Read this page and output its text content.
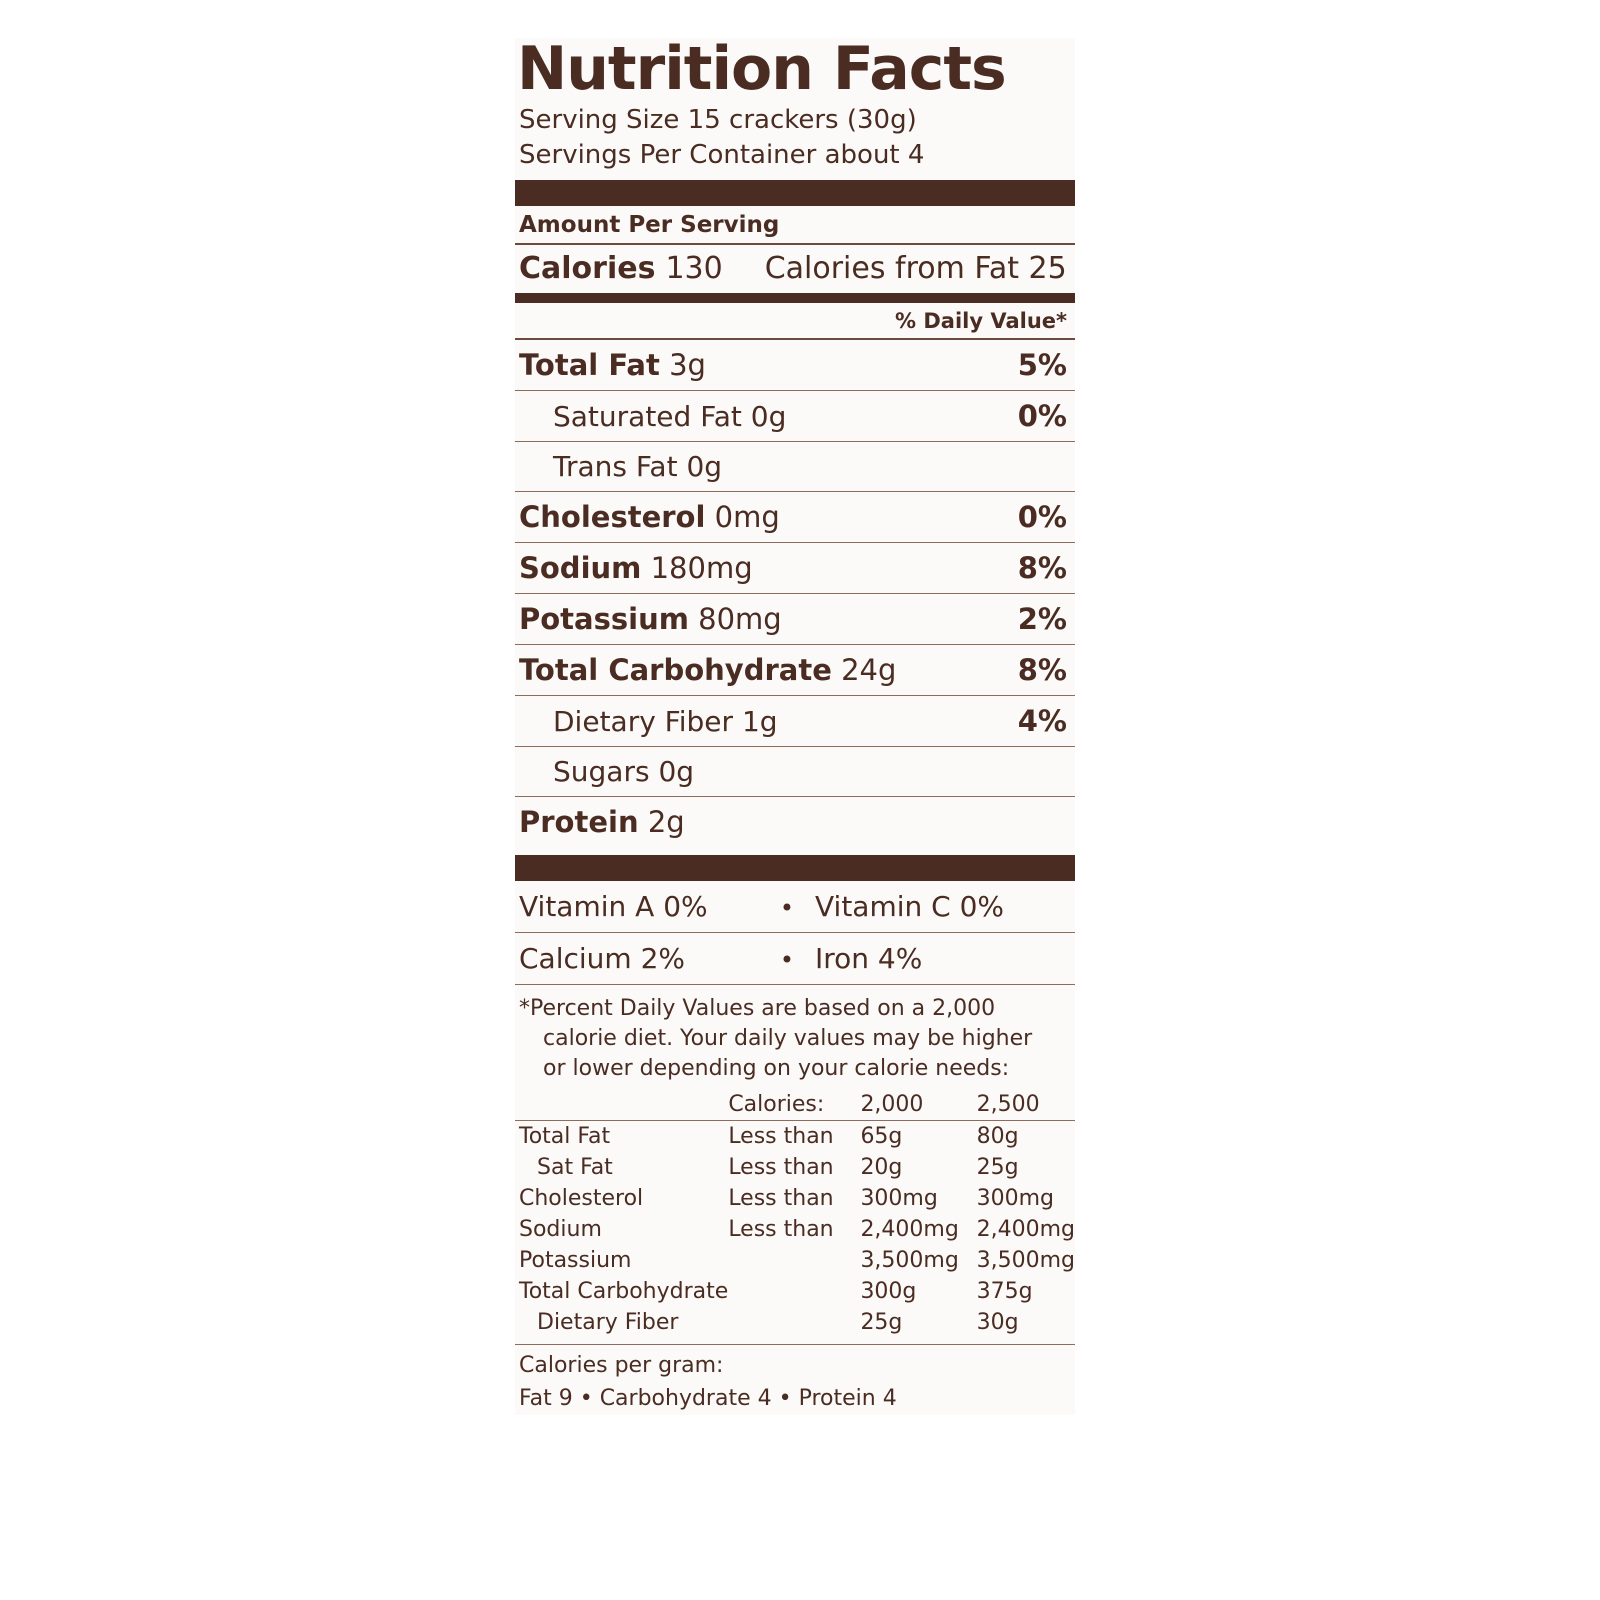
Nutrition Facts
Serving Size 15 crackers (30g)
Servings Per Container about 4
Amount Per Serving
Calories 130 Calories from Fat 25
% Daily Value*
Total Fat 3g	5%
Saturated Fat 0g	0%
Trans Fat 0g
Cholesterol 0mg	0%
Sodium 180mg	8%
Potassium 80mg	2%
Total Carbohydrate 24g	8%
Dietary Fiber 1g	4%
Sugars 0g
Protein 2g
Vitamin A 0%	• Vitamin C 0%
Calcium 2%	• Iron 4%
*Percent Daily Values are based on a 2,000
calorie diet. Your daily values may be higher
or lower depending on your calorie needs:
	Calories:	2,000	2,500

Total Fat	Less than	65g	80g
Sat Fat	Less than	20g	25g
Cholesterol	Less than	300mg	300mg
Sodium	Less than	2,400mg	2,400mg
Potassium		3,500mg	3,500mg
Total Carbohydrate		300g	375g
Dietary Fiber		25g	30g

Calories per gram:
Fat 9 • Carbohydrate 4 • Protein 4
